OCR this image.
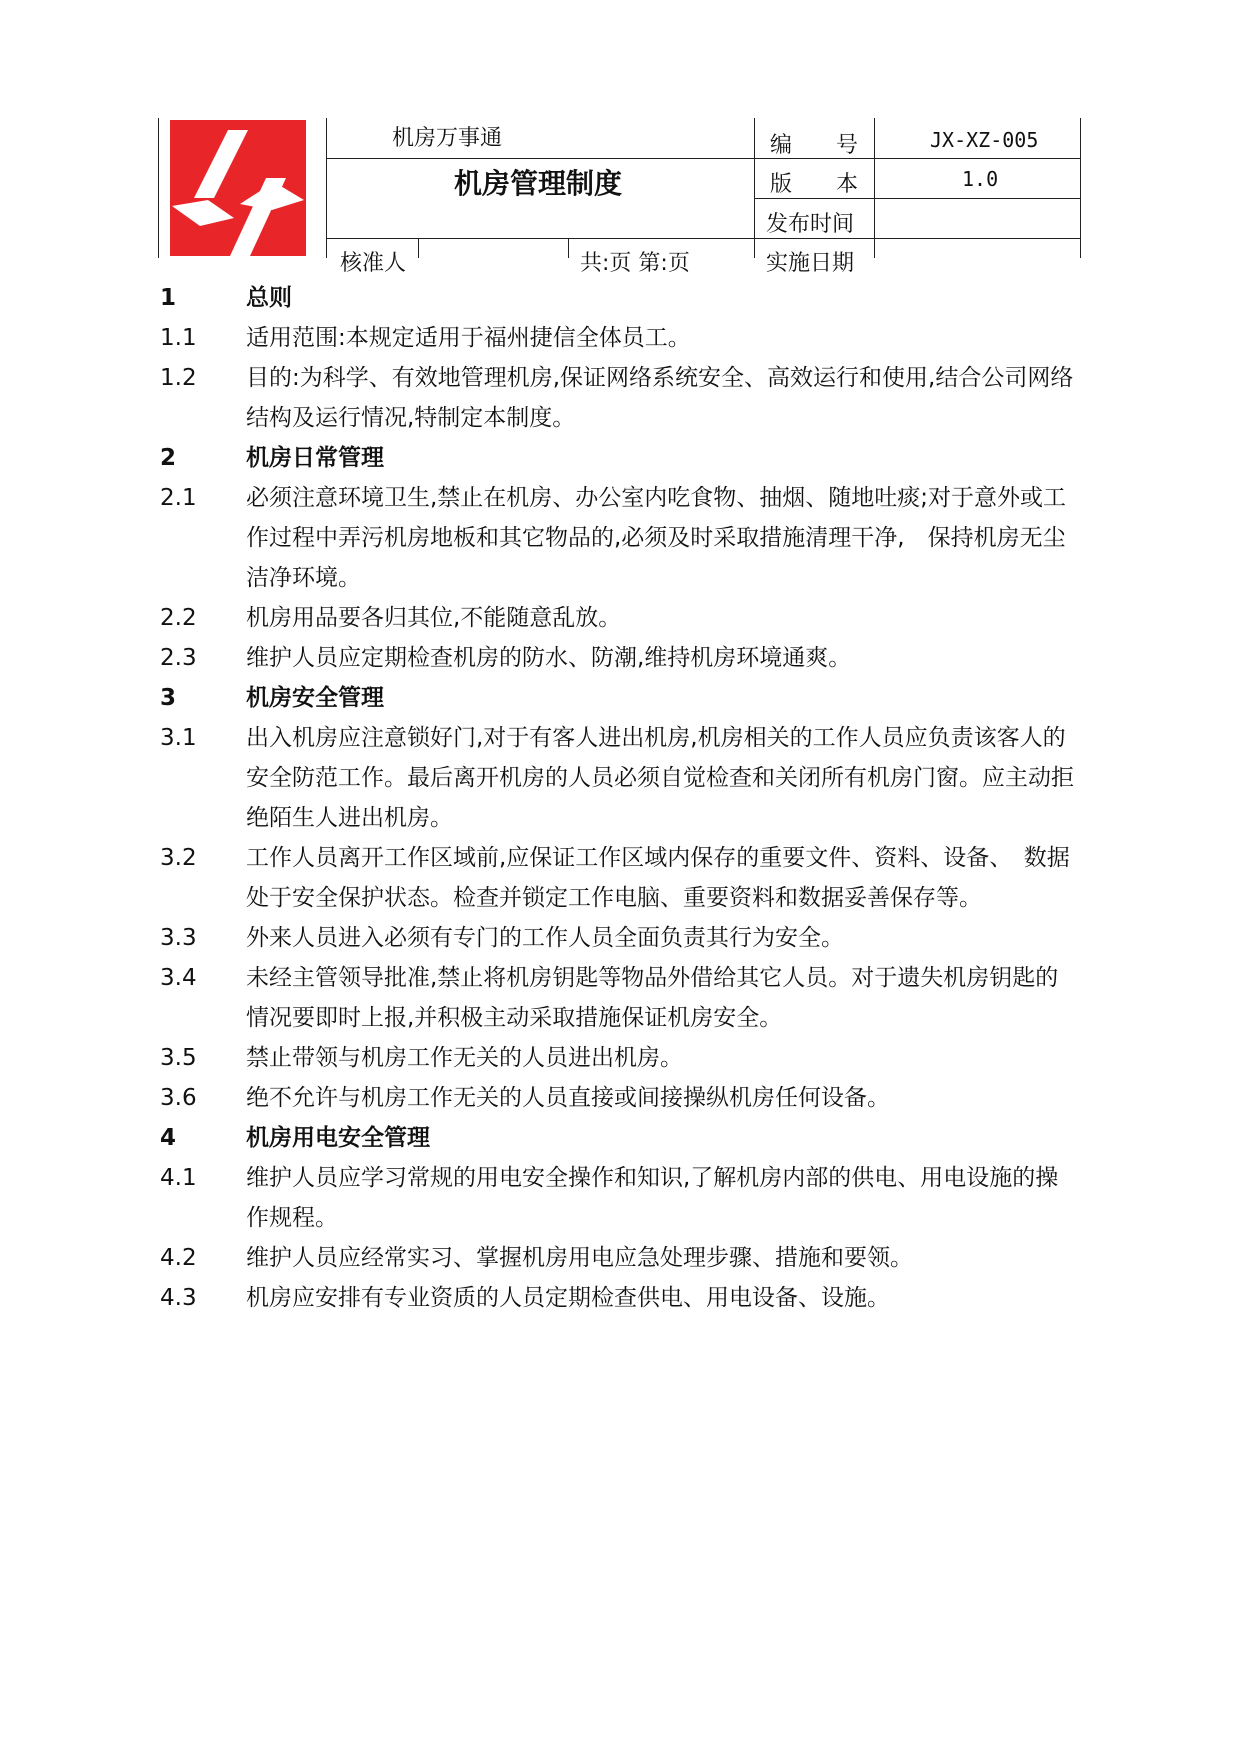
机房万事通
机房管理制度
编　　号	JX-XZ-005
版　　本	1.0
发布时间
核准人	共:页 第:页	实施日期
1	总则
1.1 适用范围:本规定适用于福州捷信全体员工。
1.2 目的:为科学、有效地管理机房,保证网络系统安全、高效运行和使用,结合公司网络结构及运行情况,特制定本制度。
2	机房日常管理
2.1 必须注意环境卫生,禁止在机房、办公室内吃食物、抽烟、随地吐痰;对于意外或工作过程中弄污机房地板和其它物品的,必须及时采取措施清理干净,　保持机房无尘洁净环境。
2.2 机房用品要各归其位,不能随意乱放。
2.3 维护人员应定期检查机房的防水、防潮,维持机房环境通爽。
3	机房安全管理
3.1 出入机房应注意锁好门,对于有客人进出机房,机房相关的工作人员应负责该客人的安全防范工作。最后离开机房的人员必须自觉检查和关闭所有机房门窗。应主动拒绝陌生人进出机房。
3.2 工作人员离开工作区域前,应保证工作区域内保存的重要文件、资料、设备、　数据处于安全保护状态。检查并锁定工作电脑、重要资料和数据妥善保存等。
3.3 外来人员进入必须有专门的工作人员全面负责其行为安全。
3.4 未经主管领导批准,禁止将机房钥匙等物品外借给其它人员。对于遗失机房钥匙的情况要即时上报,并积极主动采取措施保证机房安全。
3.5 禁止带领与机房工作无关的人员进出机房。
3.6 绝不允许与机房工作无关的人员直接或间接操纵机房任何设备。
4	机房用电安全管理
4.1 维护人员应学习常规的用电安全操作和知识,了解机房内部的供电、用电设施的操作规程。
4.2 维护人员应经常实习、掌握机房用电应急处理步骤、措施和要领。
4.3 机房应安排有专业资质的人员定期检查供电、用电设备、设施。
